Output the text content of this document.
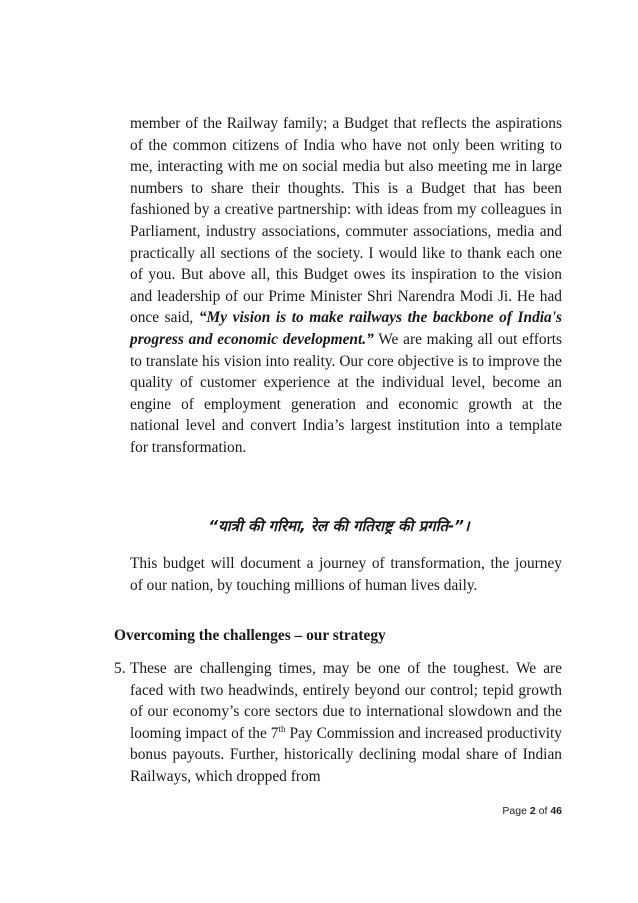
member of the Railway family; a Budget that reflects the aspirations of the common citizens of India who have not only been writing to me, interacting with me on social media but also meeting me in large numbers to share their thoughts. This is a Budget that has been fashioned by a creative partnership: with ideas from my colleagues in Parliament, industry associations, commuter associations, media and practically all sections of the society. I would like to thank each one of you. But above all, this Budget owes its inspiration to the vision and leadership of our Prime Minister Shri Narendra Modi Ji. He had once said, “My vision is to make railways the backbone of India's progress and economic development.” We are making all out efforts to translate his vision into reality. Our core objective is to improve the quality of customer experience at the individual level, become an engine of employment generation and economic growth at the national level and convert India’s largest institution into a template for transformation.

“यात्री की गरिमा, रेल की गतिराष्ट्र की प्रगति-”।

This budget will document a journey of transformation, the journey of our nation, by touching millions of human lives daily.

Overcoming the challenges – our strategy
5. These are challenging times, may be one of the toughest. We are faced with two headwinds, entirely beyond our control; tepid growth of our economy’s core sectors due to international slowdown and the looming impact of the 7th Pay Commission and increased productivity bonus payouts. Further, historically declining modal share of Indian Railways, which dropped from

Page 2 of 46
